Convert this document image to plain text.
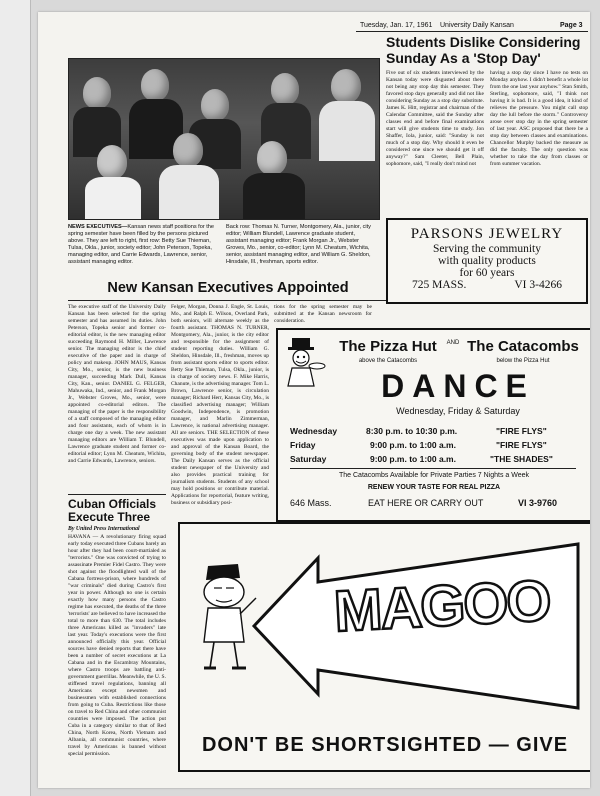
Tuesday, Jan. 17, 1961 University Daily Kansan	Page 3
NEWS EXECUTIVES—Kansan news staff positions for the spring semester have been filled by the persons pictured above. They are left to right, first row: Betty Sue Thieman, Tulsa, Okla., junior, society editor; John Peterson, Topeka, managing editor, and Carrie Edwards, Lawrence, senior, assistant managing editor.
Back row: Thomas N. Turner, Montgomery, Ala., junior, city editor; William Blundell, Lawrence graduate student, assistant managing editor; Frank Morgan Jr., Webster Groves, Mo., senior, co-editor; Lynn M. Cheatum, Wichita, senior, assistant managing editor, and William G. Sheldon, Hinsdale, Ill., freshman, sports editor.
Students Dislike Considering Sunday As a 'Stop Day'
Five out of six students interviewed by the Kansan today were disgusted about there not being any stop day this semester. They favored stop days generally and did not like considering Sunday as a stop day substitute. James K. Hitt, registrar and chairman of the Calendar Committee, said the Sunday after classes end and before final examinations start will give students time to study. Jon Shaffer, Iola, junior, said: "Sunday is not much of a stop day. Why should it even be considered one since we should get it off anyway?" Sam Cleeter, Bell Plain, sophomore, said, "I really don't mind not
having a stop day since I have no tests on Monday anyhow. I didn't benefit a whole lot from the one last year anyhow." Stan Smith, Sterling, sophomore, said, "I think not having it is bad. It is a good idea, it kind of relieves the pressure. You might call stop day the lull before the storm." Controversy arose over stop day in the spring semester of last year. ASC proposed that there be a stop day between classes and examinations. Chancellor Murphy backed the measure as did the faculty. The only question was whether to take the day from classes or from summer vacation.
PARSONS JEWELRY
Serving the community
with quality products
for 60 years
725 MASS.	VI 3-4266
New Kansan Executives Appointed
The executive staff of the University Daily Kansan has been selected for the spring semester and has assumed its duties. John Peterson, Topeka senior and former co-editorial editor, is the new managing editor succeeding Raymond H. Miller, Lawrence senior. The managing editor is the chief executive of the paper and in charge of policy and makeup. JOHN MAUS, Kansas City, Mo., senior, is the new business manager, succeeding Mark Dull, Kansas City, Kan., senior. DANIEL G. FELGER, Mahuwaka, Ind., senior, and Frank Morgan Jr., Webster Groves, Mo., senior, were appointed co-editorial editors. The managing of the paper is the responsibility of a staff composed of the managing editor and four assistants, each of whom is in charge one day a week. The new assistant managing editors are William T. Blundell, Lawrence graduate student and former co-editorial editor; Lynn M. Cheatum, Wichita, and Carrie Edwards, Lawrence, seniors.
Felger, Morgan, Donna J. Engle, St. Louis, Mo., and Ralph E. Wilson, Overland Park, both seniors, will alternate weekly as the fourth assistant. THOMAS N. TURNER, Montgomery, Ala., junior, is the city editor and responsible for the assignment of student reporting duties. William G. Sheldon, Hinsdale, Ill., freshman, moves up from assistant sports editor to sports editor. Betty Sue Thieman, Tulsa, Okla., junior, is in charge of society news. F. Mike Harris, Chanute, is the advertising manager. Tom L. Brown, Lawrence senior, is circulation manager; Richard Herr, Kansas City, Mo., is classified advertising manager; William Goodwin, Independence, is promotion manager, and Marlin Zimmerman, Lawrence, is national advertising manager. All are seniors. THE SELECTION of these executives was made upon application to and approval of the Kansan Board, the governing body of the student newspaper. The Daily Kansan serves as the official student newspaper of the University and also provides practical training for journalism students. Students of any school may hold positions or contribute material. Applications for reportorial, feature writing, business or subsidiary posi-
tions for the spring semester may be submitted at the Kansan newsroom for consideration.
Cuban Officials Execute Three
By United Press International
HAVANA — A revolutionary firing squad early today executed three Cubans barely an hour after they had been court-martialed as "terrorists." One was convicted of trying to assassinate Premier Fidel Castro. They were shot against the floodlighted wall of the Cabana fortress-prison, where hundreds of "war criminals" died during Castro's first year in power. Although no one is certain exactly how many persons the Castro regime has executed, the deaths of the three 'terrorists' are believed to have increased the total to more than 630. The total includes three Americans killed as "invaders" late last year. Today's executions were the first announced officially this year. Official sources have denied reports that there have been a number of secret executions at La Cabana and in the Escambray Mountains, where Castro troops are battling anti-government guerrillas. Meanwhile, the U. S. stiffened travel regulations, banning all Americans except newsmen and businessmen with established connections from going to Cuba. Restrictions like those on travel to Red China and other communist countries were imposed. The action put Cuba in a category similar to that of Red China, North Korea, North Vietnam and Albania, all communist countries, where travel by Americans is banned without special permission.
The Pizza Hut	AND The Catacombs
above the Catacombs	below the Pizza Hut
DANCE
Wednesday, Friday & Saturday
Wednesday	8:30 p.m. to 10:30 p.m.	"FIRE FLYS"
Friday	9:00 p.m. to 1:00 a.m.	"FIRE FLYS"
Saturday	9:00 p.m. to 1:00 a.m.	"THE SHADES"
The Catacombs Available for Private Parties 7 Nights a Week
RENEW YOUR TASTE FOR REAL PIZZA
646 Mass.	EAT HERE OR CARRY OUT	VI 3-9760
MAGOO
DON'T BE SHORTSIGHTED — GIVE
